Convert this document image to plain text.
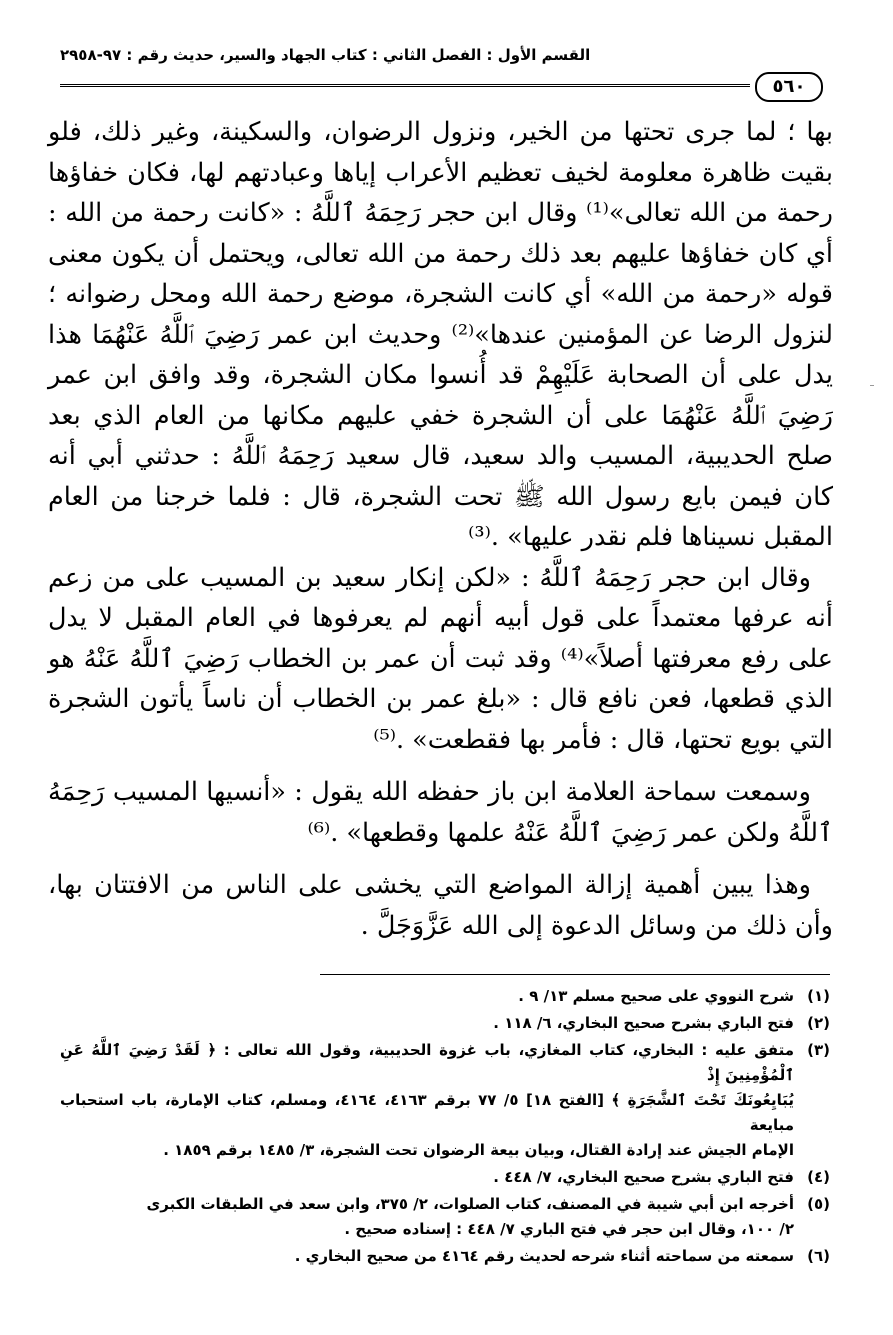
القسم الأول : الفصل الثاني : كتاب الجهاد والسير، حديث رقم : ٩٧-٢٩٥٨
٥٦٠

بها ؛ لما جرى تحتها من الخير، ونزول الرضوان، والسكينة، وغير ذلك، فلو بقيت ظاهرة معلومة لخيف تعظيم الأعراب إياها وعبادتهم لها، فكان خفاؤها رحمة من الله تعالى»⁽¹⁾ وقال ابن حجر رَحِمَهُ ٱللَّهُ : «كانت رحمة من الله : أي كان خفاؤها عليهم بعد ذلك رحمة من الله تعالى، ويحتمل أن يكون معنى قوله «رحمة من الله» أي كانت الشجرة، موضع رحمة الله ومحل رضوانه ؛ لنزول الرضا عن المؤمنين عندها»⁽²⁾ وحديث ابن عمر رَضِيَ ٱللَّهُ عَنْهُمَا هذا يدل على أن الصحابة عَلَيْهِمْ قد أُنسوا مكان الشجرة، وقد وافق ابن عمر رَضِيَ ٱللَّهُ عَنْهُمَا على أن الشجرة خفي عليهم مكانها من العام الذي بعد صلح الحديبية، المسيب والد سعيد، قال سعيد رَحِمَهُ ٱللَّهُ : حدثني أبي أنه كان فيمن بايع رسول الله ﷺ تحت الشجرة، قال : فلما خرجنا من العام المقبل نسيناها فلم نقدر عليها» .⁽³⁾

وقال ابن حجر رَحِمَهُ ٱللَّهُ : «لكن إنكار سعيد بن المسيب على من زعم أنه عرفها معتمداً على قول أبيه أنهم لم يعرفوها في العام المقبل لا يدل على رفع معرفتها أصلاً»⁽⁴⁾ وقد ثبت أن عمر بن الخطاب رَضِيَ ٱللَّهُ عَنْهُ هو الذي قطعها، فعن نافع قال : «بلغ عمر بن الخطاب أن ناساً يأتون الشجرة التي بويع تحتها، قال : فأمر بها فقطعت» .⁽⁵⁾

وسمعت سماحة العلامة ابن باز حفظه الله يقول : «أنسيها المسيب رَحِمَهُ ٱللَّهُ ولكن عمر رَضِيَ ٱللَّهُ عَنْهُ علمها وقطعها» .⁽⁶⁾

وهذا يبين أهمية إزالة المواضع التي يخشى على الناس من الافتتان بها، وأن ذلك من وسائل الدعوة إلى الله عَزَّوَجَلَّ .

(١)
شرح النووي على صحيح مسلم ١٣/ ٩ .
(٢)
فتح الباري بشرح صحيح البخاري، ٦/ ١١٨ .
(٣)
متفق عليه : البخاري، كتاب المغازي، باب غزوة الحديبية، وقول الله تعالى : ﴿ لَقَدْ رَضِيَ ٱللَّهُ عَنِ ٱلْمُؤْمِنِينَ إِذْ
يُبَايِعُونَكَ تَحْتَ ٱلشَّجَرَةِ ﴾ [الفتح ١٨] ٥/ ٧٧ برقم ٤١٦٣، ٤١٦٤، ومسلم، كتاب الإمارة، باب استحباب مبايعة
الإمام الجيش عند إرادة القتال، وبيان بيعة الرضوان تحت الشجرة، ٣/ ١٤٨٥ برقم ١٨٥٩ .
(٤)
فتح الباري بشرح صحيح البخاري، ٧/ ٤٤٨ .
(٥)
أخرجه ابن أبي شيبة في المصنف، كتاب الصلوات، ٢/ ٣٧٥، وابن سعد في الطبقات الكبرى
٢/ ١٠٠، وقال ابن حجر في فتح الباري ٧/ ٤٤٨ : إسناده صحيح .
(٦)
سمعته من سماحته أثناء شرحه لحديث رقم ٤١٦٤ من صحيح البخاري .
